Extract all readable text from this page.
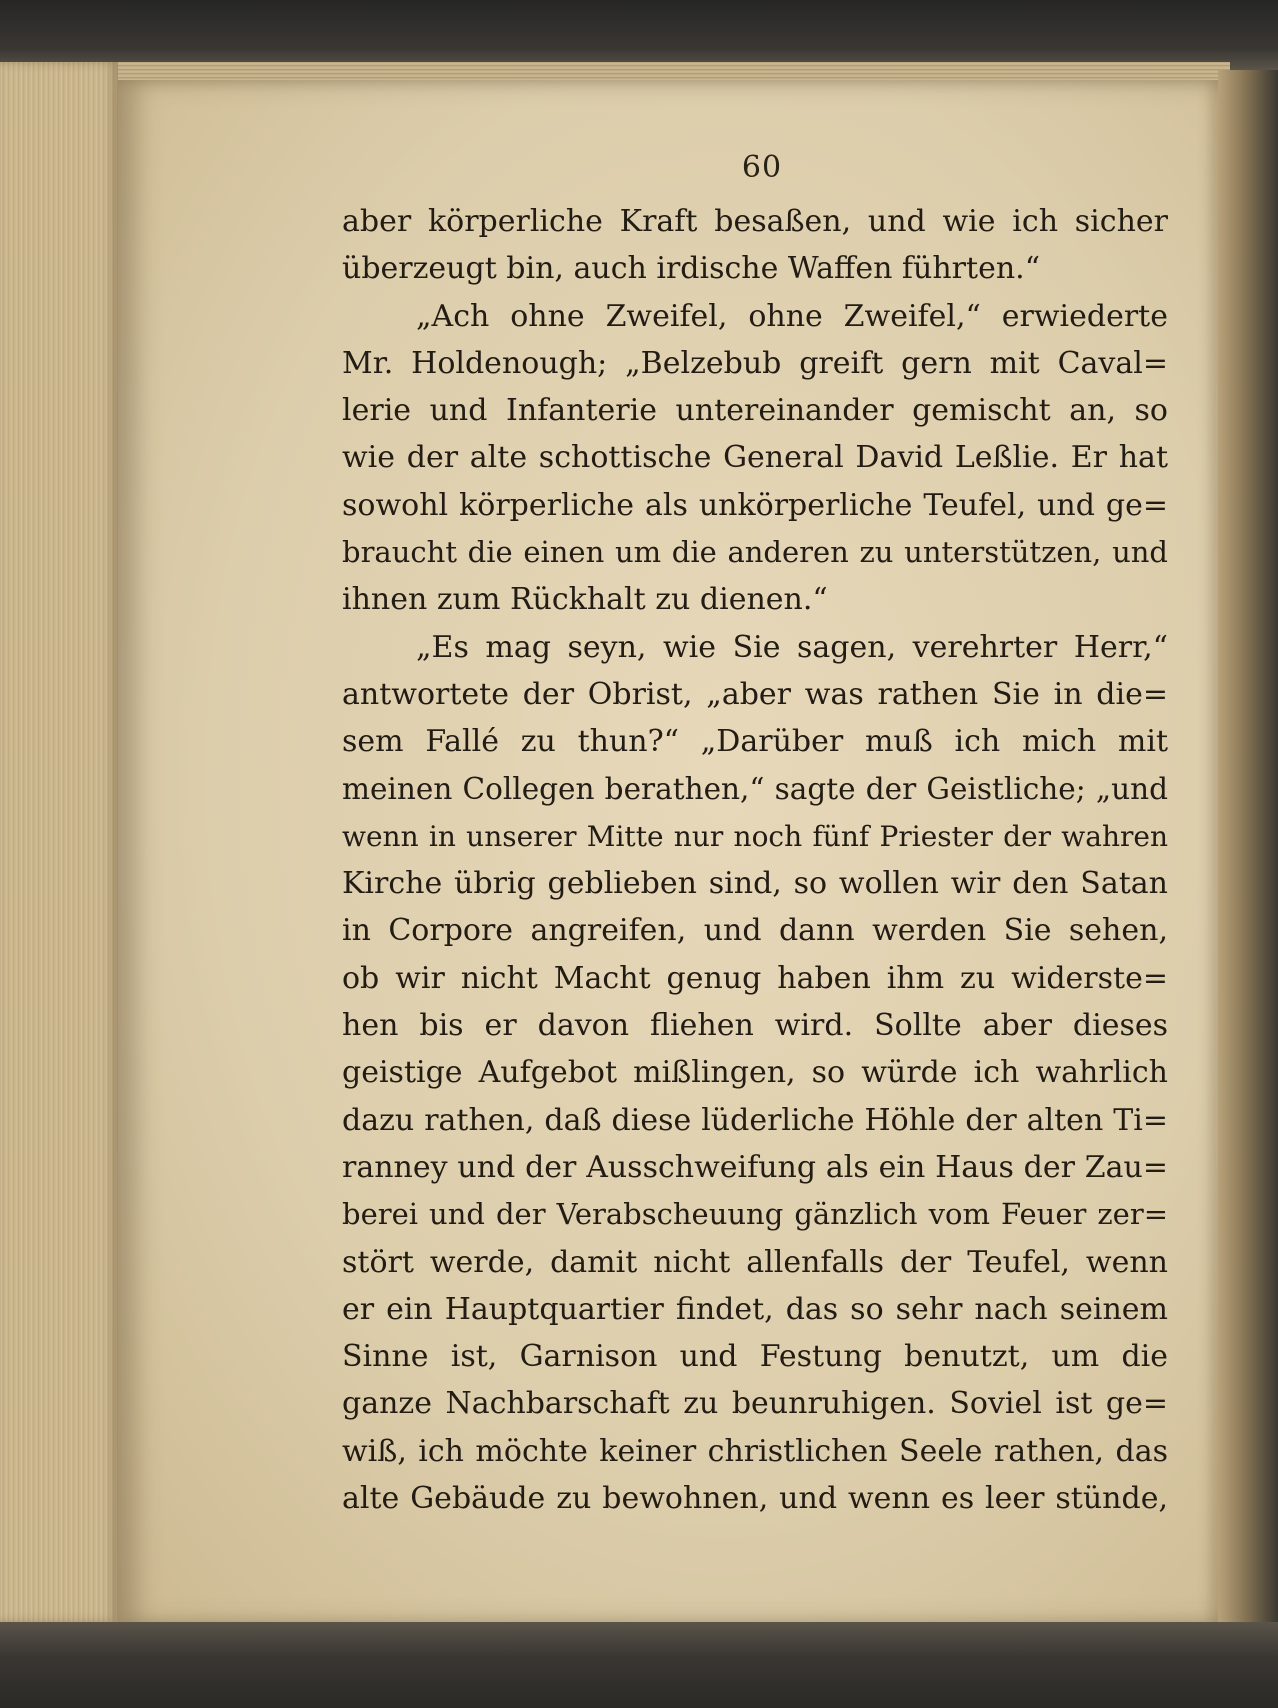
60
aber körperliche Kraft besaßen, und wie ich sicher
überzeugt bin, auch irdische Waffen führten.“
„Ach ohne Zweifel, ohne Zweifel,“ erwiederte
Mr. Holdenough; „Belzebub greift gern mit Caval=
lerie und Infanterie untereinander gemischt an, so
wie der alte schottische General David Leßlie. Er hat
sowohl körperliche als unkörperliche Teufel, und ge=
braucht die einen um die anderen zu unterstützen, und
ihnen zum Rückhalt zu dienen.“
„Es mag seyn, wie Sie sagen, verehrter Herr,“
antwortete der Obrist, „aber was rathen Sie in die=
sem Fallé zu thun?“ „Darüber muß ich mich mit
meinen Collegen berathen,“ sagte der Geistliche; „und
wenn in unserer Mitte nur noch fünf Priester der wahren
Kirche übrig geblieben sind, so wollen wir den Satan
in Corpore angreifen, und dann werden Sie sehen,
ob wir nicht Macht genug haben ihm zu widerste=
hen bis er davon fliehen wird. Sollte aber dieses
geistige Aufgebot mißlingen, so würde ich wahrlich
dazu rathen, daß diese lüderliche Höhle der alten Ti=
ranney und der Ausschweifung als ein Haus der Zau=
berei und der Verabscheuung gänzlich vom Feuer zer=
stört werde, damit nicht allenfalls der Teufel, wenn
er ein Hauptquartier findet, das so sehr nach seinem
Sinne ist, Garnison und Festung benutzt, um die
ganze Nachbarschaft zu beunruhigen. Soviel ist ge=
wiß, ich möchte keiner christlichen Seele rathen, das
alte Gebäude zu bewohnen, und wenn es leer stünde,
